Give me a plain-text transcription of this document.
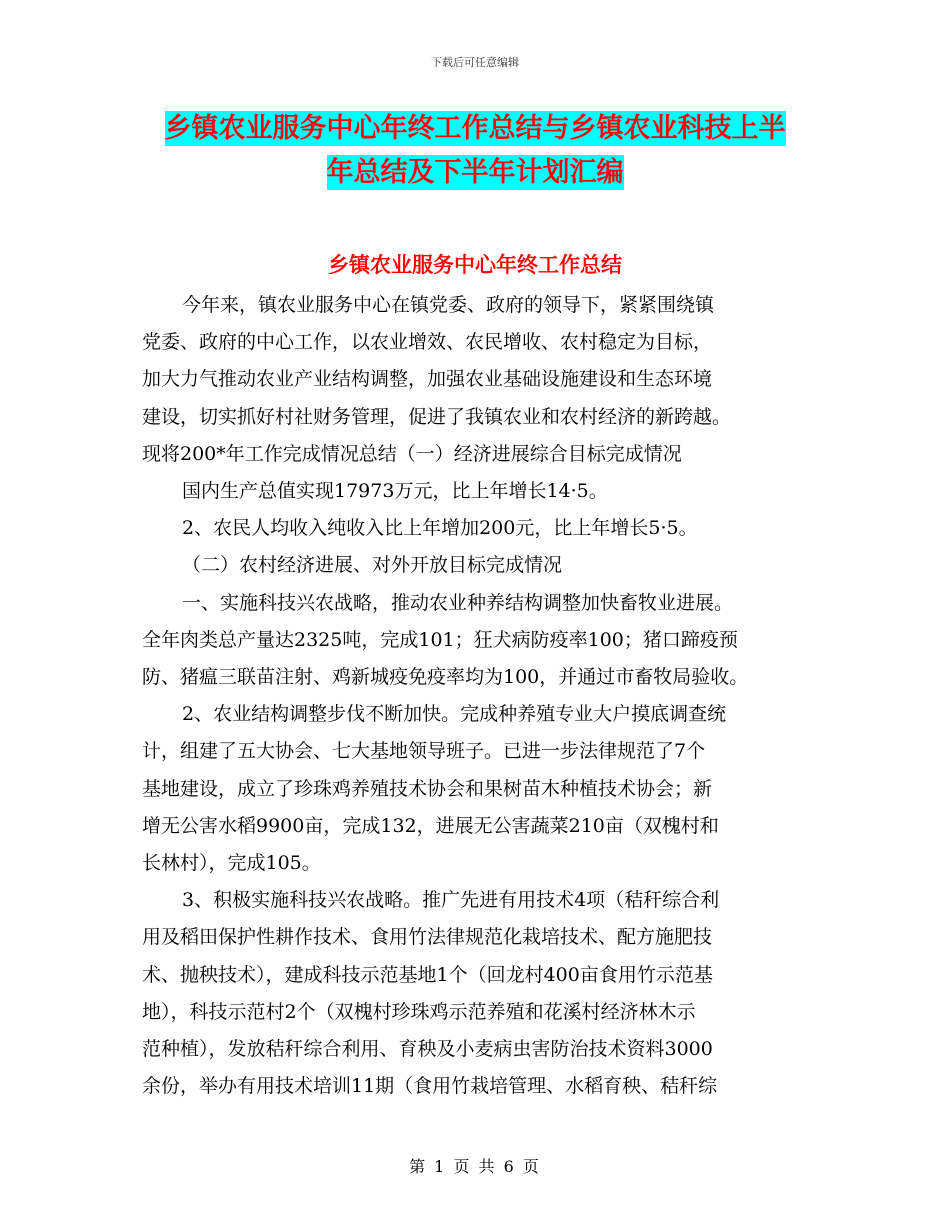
下载后可任意编辑
乡镇农业服务中心年终工作总结与乡镇农业科技上半
年总结及下半年计划汇编
乡镇农业服务中心年终工作总结
今年来，镇农业服务中心在镇党委、政府的领导下，紧紧围绕镇
党委、政府的中心工作，以农业增效、农民增收、农村稳定为目标，
加大力气推动农业产业结构调整，加强农业基础设施建设和生态环境
建设，切实抓好村社财务管理，促进了我镇农业和农村经济的新跨越。
现将200*年工作完成情况总结（一）经济进展综合目标完成情况
国内生产总值实现17973万元，比上年增长14·5。
2、农民人均收入纯收入比上年增加200元，比上年增长5·5。
（二）农村经济进展、对外开放目标完成情况
一、实施科技兴农战略，推动农业种养结构调整加快畜牧业进展。
全年肉类总产量达2325吨，完成101；狂犬病防疫率100；猪口蹄疫预
防、猪瘟三联苗注射、鸡新城疫免疫率均为100，并通过市畜牧局验收。
2、农业结构调整步伐不断加快。完成种养殖专业大户摸底调查统
计，组建了五大协会、七大基地领导班子。已进一步法律规范了7个
基地建设，成立了珍珠鸡养殖技术协会和果树苗木种植技术协会；新
增无公害水稻9900亩，完成132，进展无公害蔬菜210亩（双槐村和
长林村），完成105。
3、积极实施科技兴农战略。推广先进有用技术4项（秸秆综合利
用及稻田保护性耕作技术、食用竹法律规范化栽培技术、配方施肥技
术、抛秧技术），建成科技示范基地1个（回龙村400亩食用竹示范基
地），科技示范村2个（双槐村珍珠鸡示范养殖和花溪村经济林木示
范种植），发放秸秆综合利用、育秧及小麦病虫害防治技术资料3000
余份，举办有用技术培训11期（食用竹栽培管理、水稻育秧、秸秆综
第 1 页 共 6 页
